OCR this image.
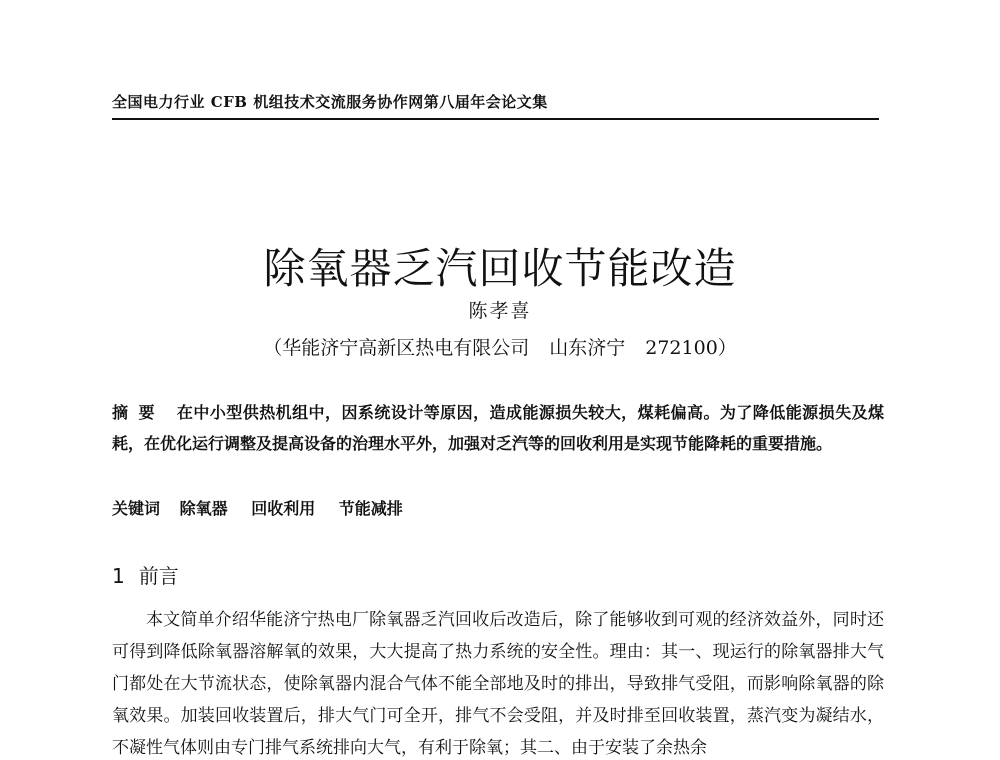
全国电力行业 CFB 机组技术交流服务协作网第八届年会论文集
除氧器乏汽回收节能改造
陈孝喜
（华能济宁高新区热电有限公司 山东济宁 272100）
摘要 在中小型供热机组中，因系统设计等原因，造成能源损失较大，煤耗偏高。为了降低能源损失及煤耗，在优化运行调整及提高设备的治理水平外，加强对乏汽等的回收利用是实现节能降耗的重要措施。
关键词 除氧器 回收利用 节能减排
1 前言

本文简单介绍华能济宁热电厂除氧器乏汽回收后改造后，除了能够收到可观的经济效益外，同时还可得到降低除氧器溶解氧的效果，大大提高了热力系统的安全性。理由：其一、现运行的除氧器排大气门都处在大节流状态，使除氧器内混合气体不能全部地及时的排出，导致排气受阻，而影响除氧器的除氧效果。加装回收装置后，排大气门可全开，排气不会受阻，并及时排至回收装置，蒸汽变为凝结水，不凝性气体则由专门排气系统排向大气，有利于除氧；其二、由于安装了余热余
